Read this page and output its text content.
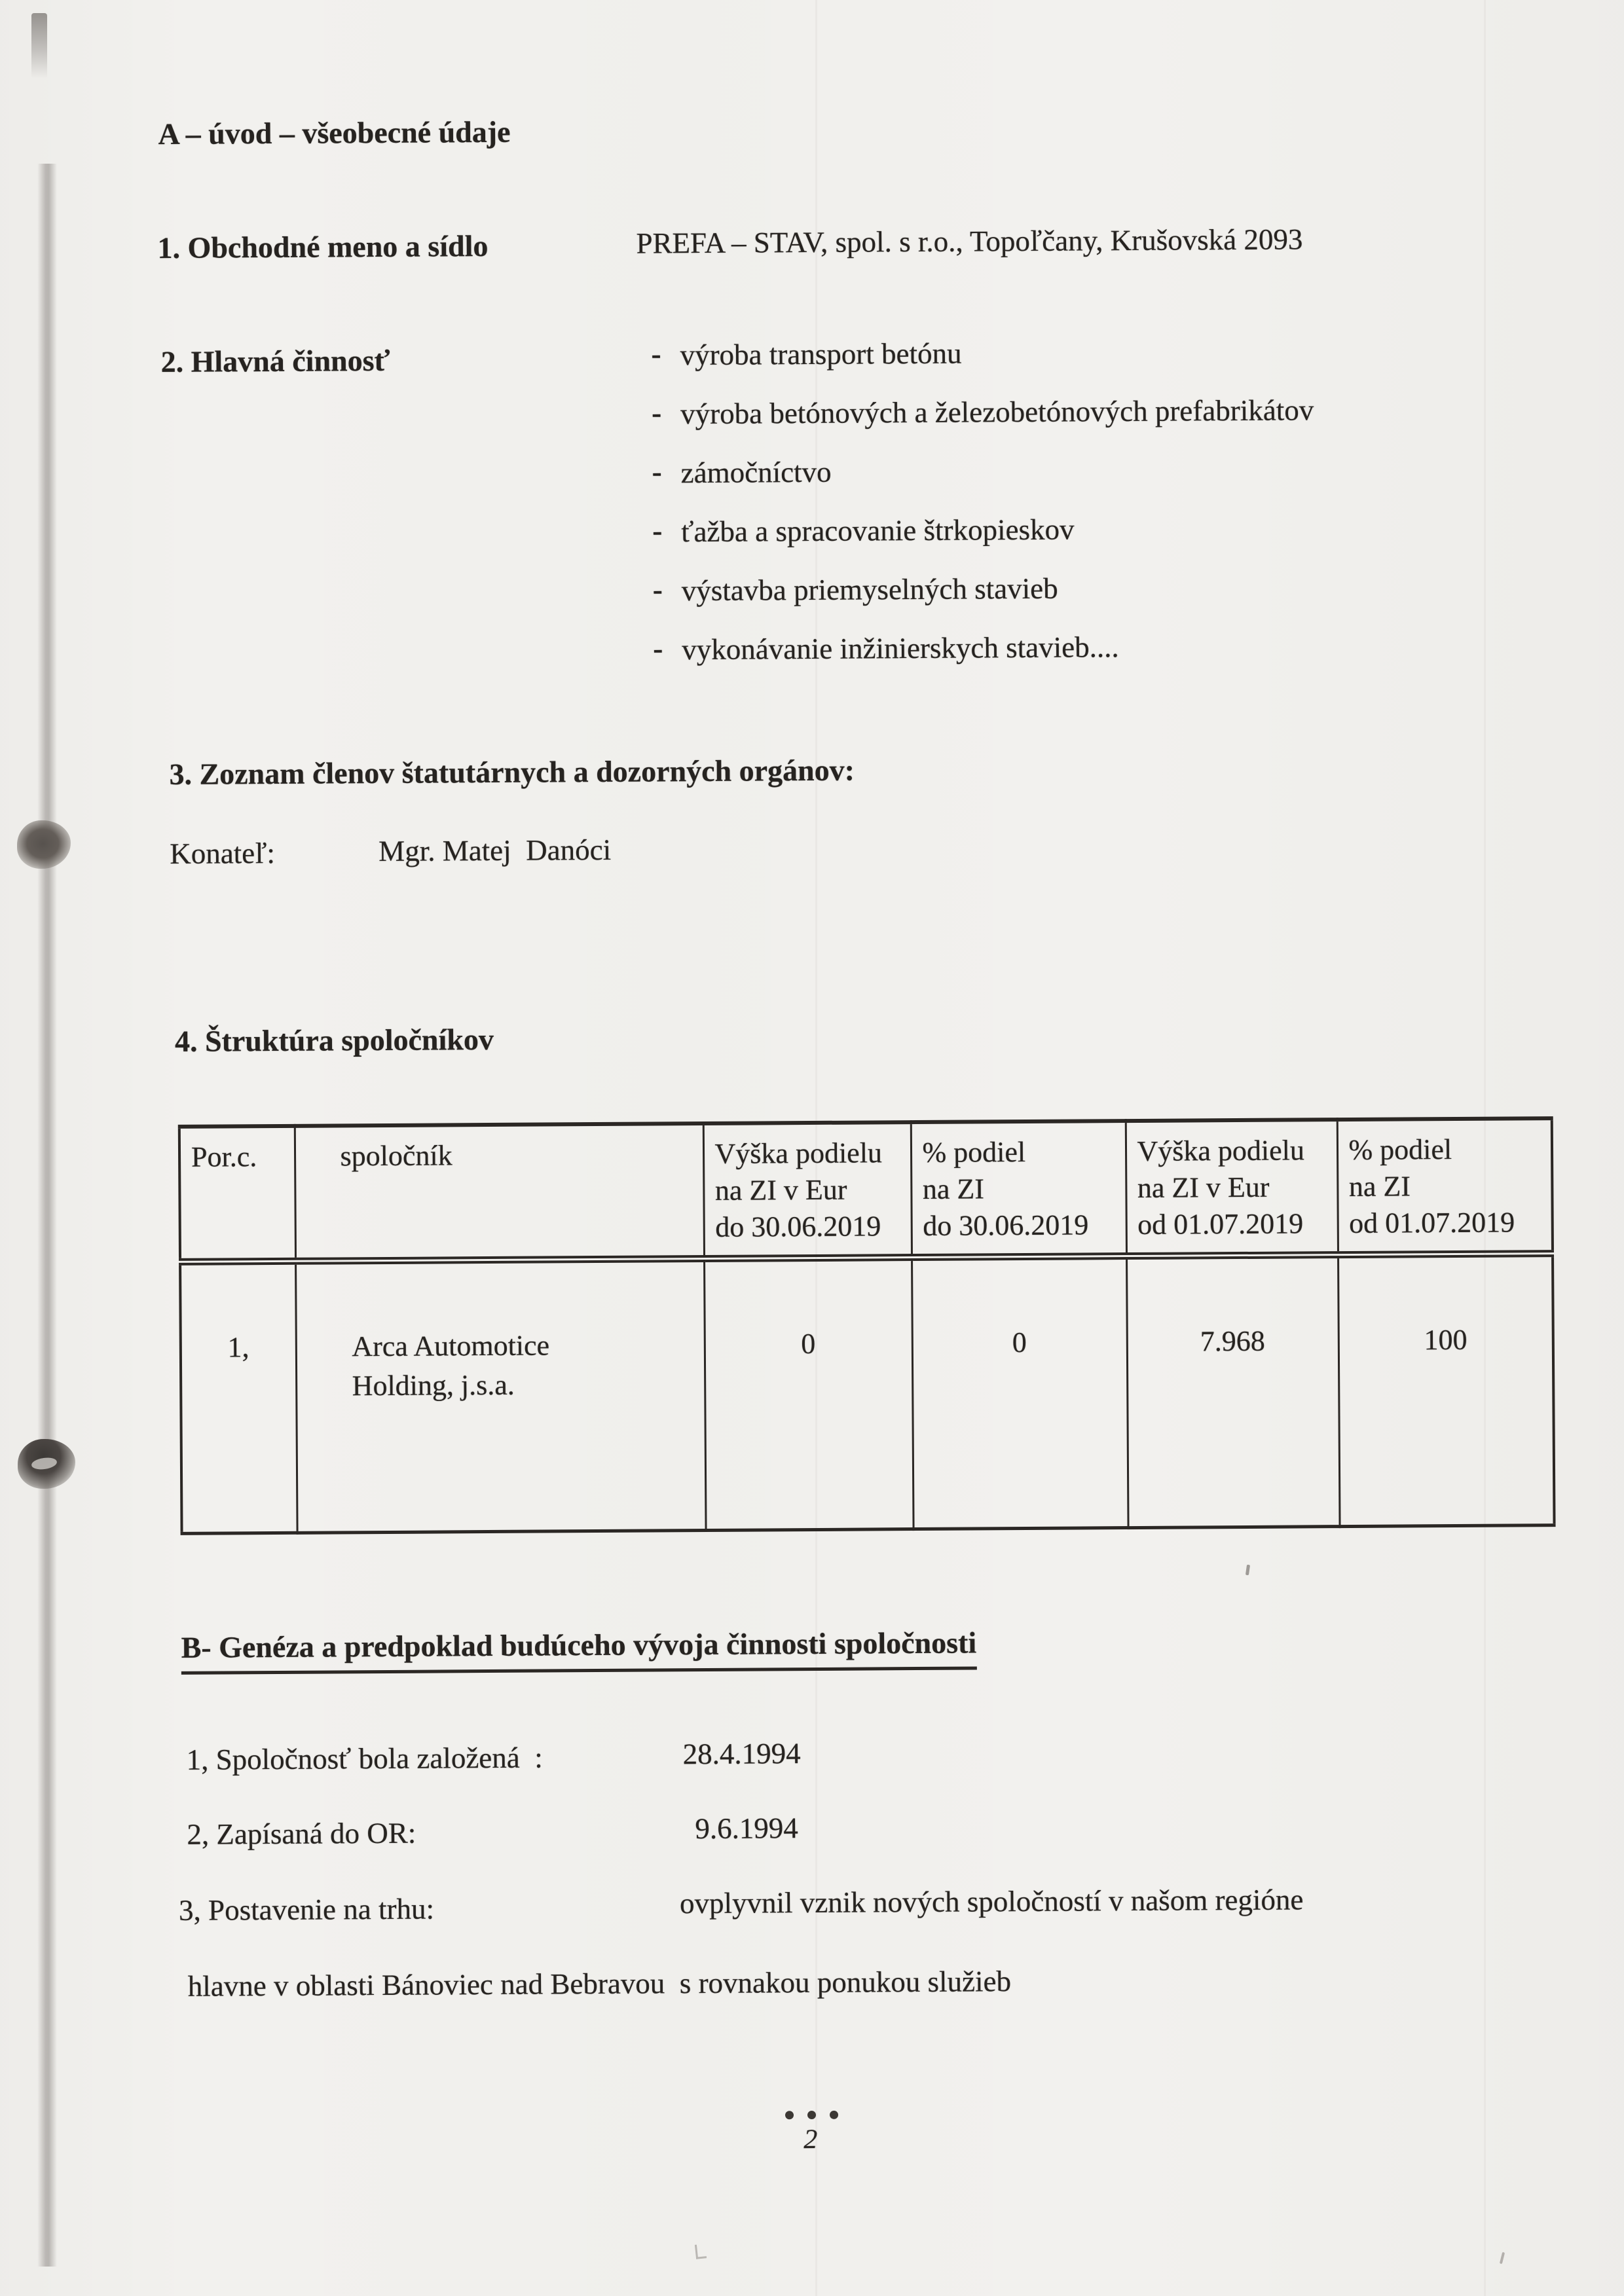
A – úvod – všeobecné údaje
1. Obchodné meno a sídlo	PREFA – STAV, spol. s r.o., Topoľčany, Krušovská 2093
2. Hlavná činnosť	- výroba transport betónu
- výroba betónových a železobetónových prefabrikátov
- zámočníctvo
- ťažba a spracovanie štrkopieskov
- výstavba priemyselných stavieb
- vykonávanie inžinierskych stavieb....
3. Zoznam členov štatutárnych a dozorných orgánov:
Konateľ:	Mgr. Matej  Danóci
4. Štruktúra spoločníkov
Por.c.	spoločník	Výška podielu
na ZI v Eur
do 30.06.2019	% podiel
na ZI
do 30.06.2019	Výška podielu
na ZI v Eur
od 01.07.2019	% podiel
na ZI
od 01.07.2019
1,	Arca Automotice
Holding, j.s.a.	0	0	7.968	100
B- Genéza a predpoklad budúceho vývoja činnosti spoločnosti
1, Spoločnosť bola založená  :	28.4.1994
2, Zapísaná do OR:	9.6.1994
3, Postavenie na trhu:	ovplyvnil vznik nových spoločností v našom regióne
hlavne v oblasti Bánoviec nad Bebravou  s rovnakou ponukou služieb
2
